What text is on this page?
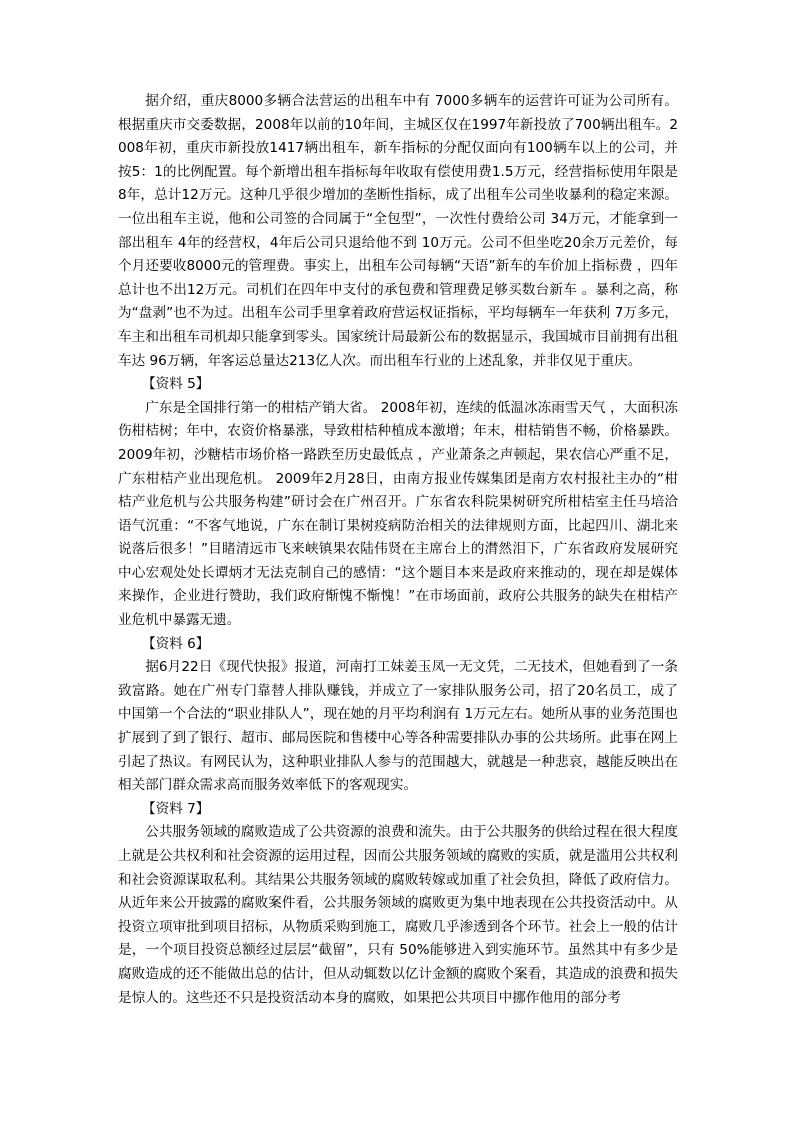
据介绍，重庆8000多辆合法营运的出租车中有 7000多辆车的运营许可证为公司所有。根据重庆市交委数据，2008年以前的10年间，主城区仅在1997年新投放了700辆出租车。2008年初，重庆市新投放1417辆出租车，新车指标的分配仅面向有100辆车以上的公司，并按5：1的比例配置。每个新增出租车指标每年收取有偿使用费1.5万元，经营指标使用年限是 8年，总计12万元。这种几乎很少增加的垄断性指标，成了出租车公司坐收暴利的稳定来源。一位出租车主说，他和公司签的合同属于“全包型”，一次性付费给公司 34万元，才能拿到一部出租车 4年的经营权，4年后公司只退给他不到 10万元。公司不但坐吃20余万元差价，每个月还要收8000元的管理费。事实上，出租车公司每辆“天语”新车的车价加上指标费 ，四年总计也不出12万元。司机们在四年中支付的承包费和管理费足够买数台新车 。暴利之高，称为“盘剥”也不为过。出租车公司手里拿着政府营运权证指标，平均每辆车一年获利 7万多元，车主和出租车司机却只能拿到零头。国家统计局最新公布的数据显示，我国城市目前拥有出租车达 96万辆，年客运总量达213亿人次。而出租车行业的上述乱象，并非仅见于重庆。

【资料 5】

广东是全国排行第一的柑桔产销大省。 2008年初，连续的低温冰冻雨雪天气 ，大面积冻伤柑桔树；年中，农资价格暴涨，导致柑桔种植成本激增；年末，柑桔销售不畅，价格暴跌。2009年初，沙糖桔市场价格一路跌至历史最低点 ，产业萧条之声顿起，果农信心严重不足，广东柑桔产业出现危机。 2009年2月28日，由南方报业传媒集团是南方农村报社主办的“柑桔产业危机与公共服务构建”研讨会在广州召开。广东省农科院果树研究所柑桔室主任马培洽语气沉重：“不客气地说，广东在制订果树疫病防治相关的法律规则方面，比起四川、湖北来说落后很多！”目睹清远市飞来峡镇果农陆伟贤在主席台上的潸然泪下，广东省政府发展研究中心宏观处处长谭炳才无法克制自己的感情：“这个题目本来是政府来推动的，现在却是媒体来操作，企业进行赞助，我们政府惭愧不惭愧！”在市场面前，政府公共服务的缺失在柑桔产业危机中暴露无遗。

【资料 6】

据6月22日《现代快报》报道，河南打工妹姜玉凤一无文凭，二无技术，但她看到了一条致富路。她在广州专门靠替人排队赚钱，并成立了一家排队服务公司，招了20名员工，成了中国第一个合法的“职业排队人”，现在她的月平均利润有 1万元左右。她所从事的业务范围也扩展到了到了银行、超市、邮局医院和售楼中心等各种需要排队办事的公共场所。此事在网上引起了热议。有网民认为，这种职业排队人参与的范围越大，就越是一种悲哀，越能反映出在相关部门群众需求高而服务效率低下的客观现实。

【资料 7】

公共服务领域的腐败造成了公共资源的浪费和流失。由于公共服务的供给过程在很大程度上就是公共权利和社会资源的运用过程，因而公共服务领域的腐败的实质，就是滥用公共权利和社会资源谋取私利。其结果公共服务领域的腐败转嫁或加重了社会负担，降低了政府信力。从近年来公开披露的腐败案件看，公共服务领域的腐败更为集中地表现在公共投资活动中。从投资立项审批到项目招标，从物质采购到施工，腐败几乎渗透到各个环节。社会上一般的估计是，一个项目投资总额经过层层“截留”，只有 50%能够进入到实施环节。虽然其中有多少是腐败造成的还不能做出总的估计，但从动辄数以亿计金额的腐败个案看，其造成的浪费和损失是惊人的。这些还不只是投资活动本身的腐败，如果把公共项目中挪作他用的部分考
